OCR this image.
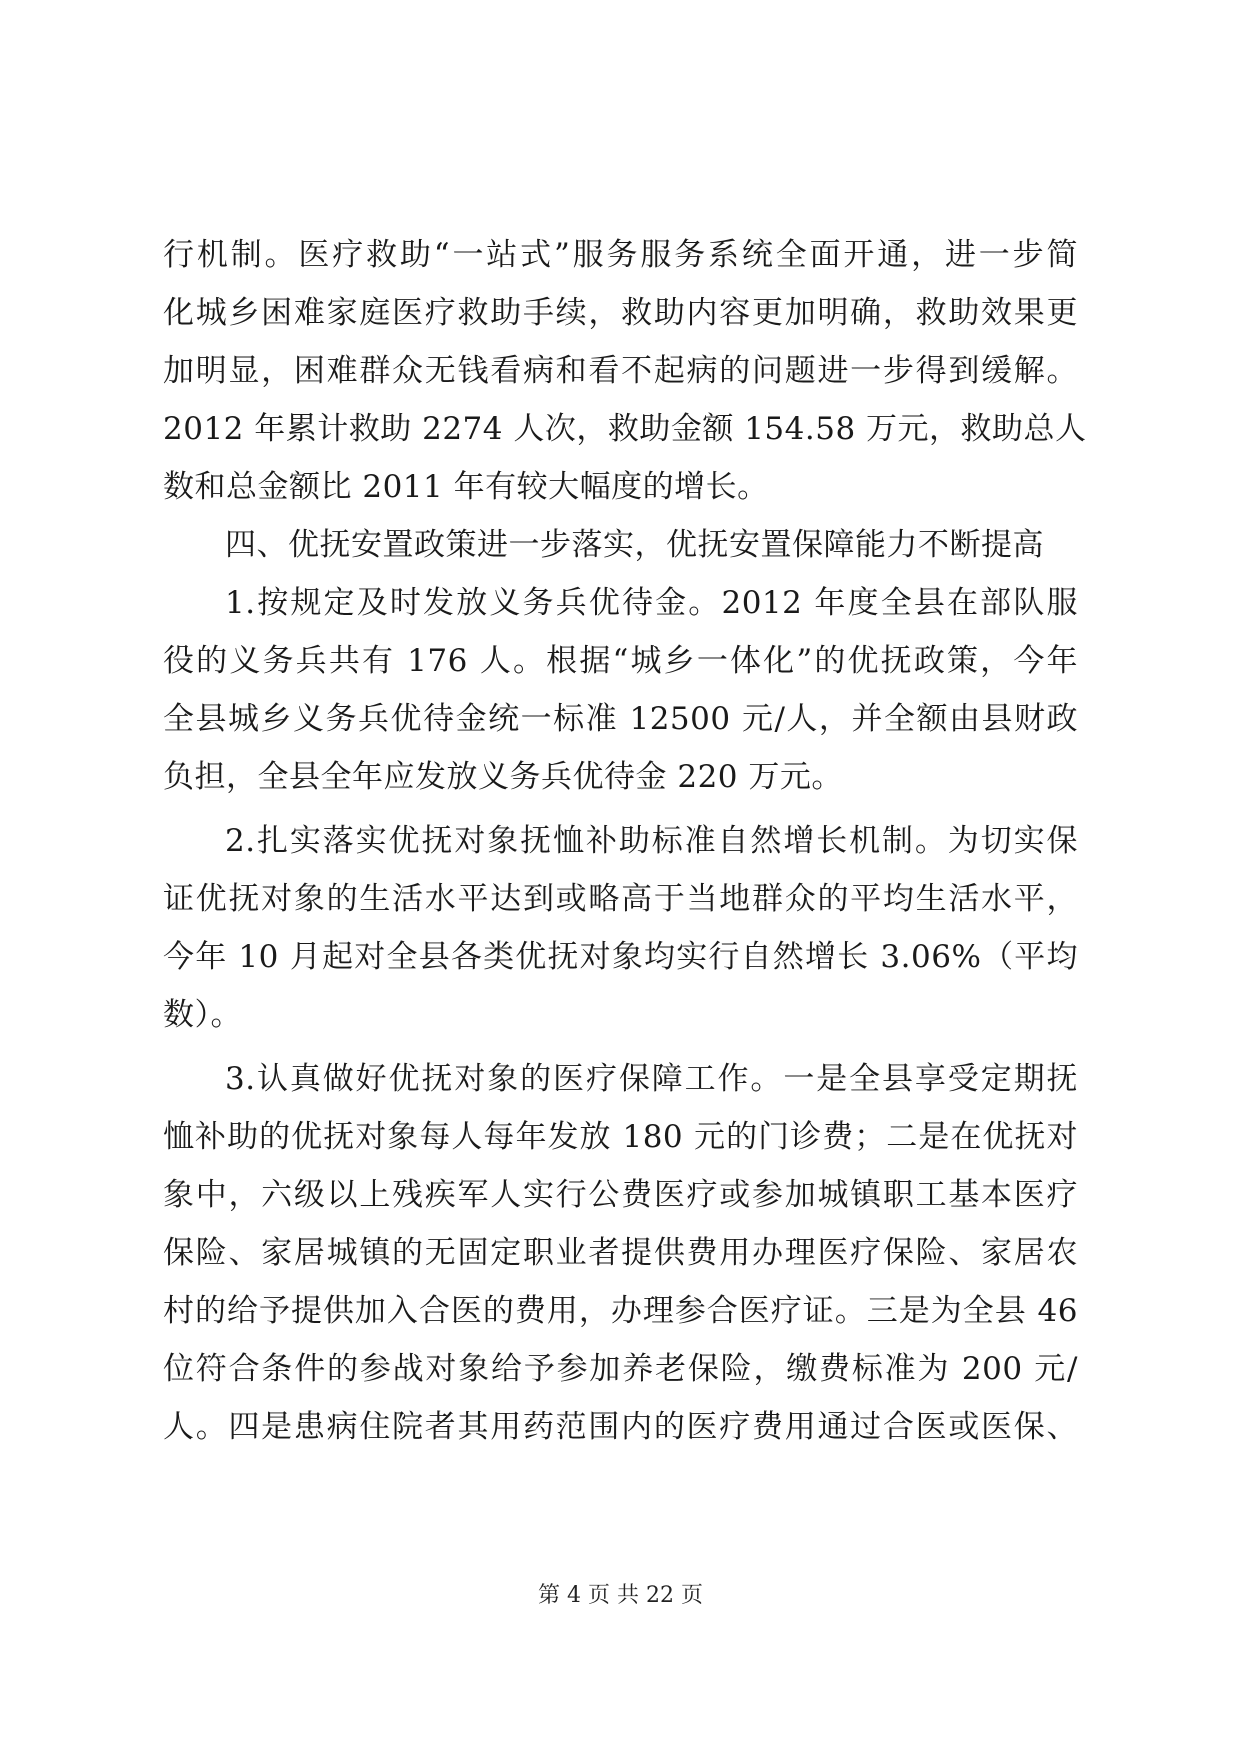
行机制。医疗救助“一站式”服务服务系统全面开通，进一步简
化城乡困难家庭医疗救助手续，救助内容更加明确，救助效果更
加明显，困难群众无钱看病和看不起病的问题进一步得到缓解。
2012 年累计救助 2274 人次，救助金额 154.58 万元，救助总人
数和总金额比 2011 年有较大幅度的增长。
四、优抚安置政策进一步落实，优抚安置保障能力不断提高
1.按规定及时发放义务兵优待金。2012 年度全县在部队服
役的义务兵共有 176 人。根据“城乡一体化”的优抚政策，今年
全县城乡义务兵优待金统一标准 12500 元/人，并全额由县财政
负担，全县全年应发放义务兵优待金 220 万元。
2.扎实落实优抚对象抚恤补助标准自然增长机制。为切实保
证优抚对象的生活水平达到或略高于当地群众的平均生活水平，
今年 10 月起对全县各类优抚对象均实行自然增长 3.06%（平均
数）。
3.认真做好优抚对象的医疗保障工作。一是全县享受定期抚
恤补助的优抚对象每人每年发放 180 元的门诊费；二是在优抚对
象中，六级以上残疾军人实行公费医疗或参加城镇职工基本医疗
保险、家居城镇的无固定职业者提供费用办理医疗保险、家居农
村的给予提供加入合医的费用，办理参合医疗证。三是为全县 46
位符合条件的参战对象给予参加养老保险，缴费标准为 200 元/
人。四是患病住院者其用药范围内的医疗费用通过合医或医保、
第 4 页 共 22 页
